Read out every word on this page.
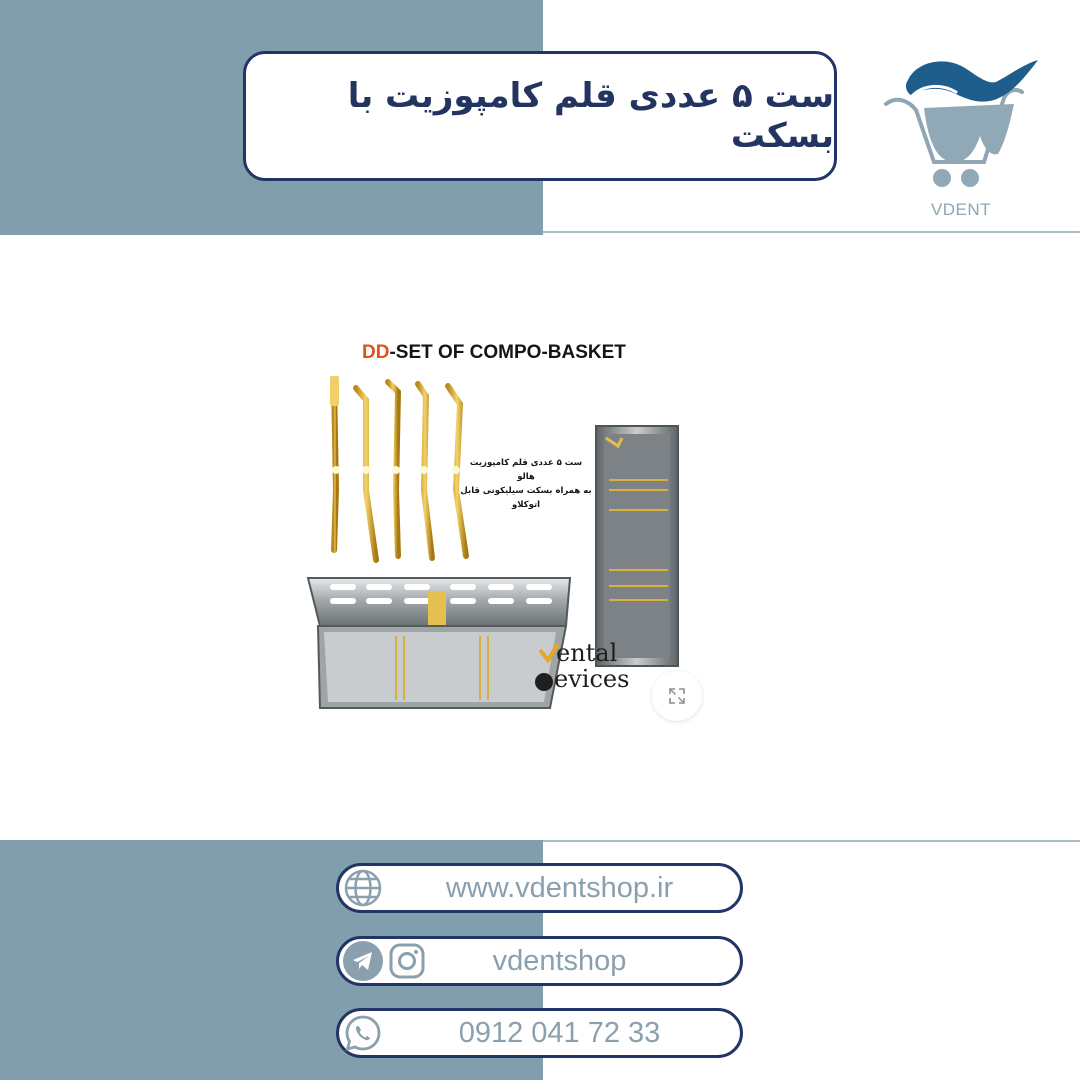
ست ۵ عددی قلم کامپوزیت با بسکت
VDENT
DD-SET OF COMPO-BASKET
ست ۵ عددی قلم کامپوزیت هالو
به همراه بسکت سیلیکونی قابل اتوکلاو
ental
evices
www.vdentshop.ir
vdentshop
0912 041 72 33
